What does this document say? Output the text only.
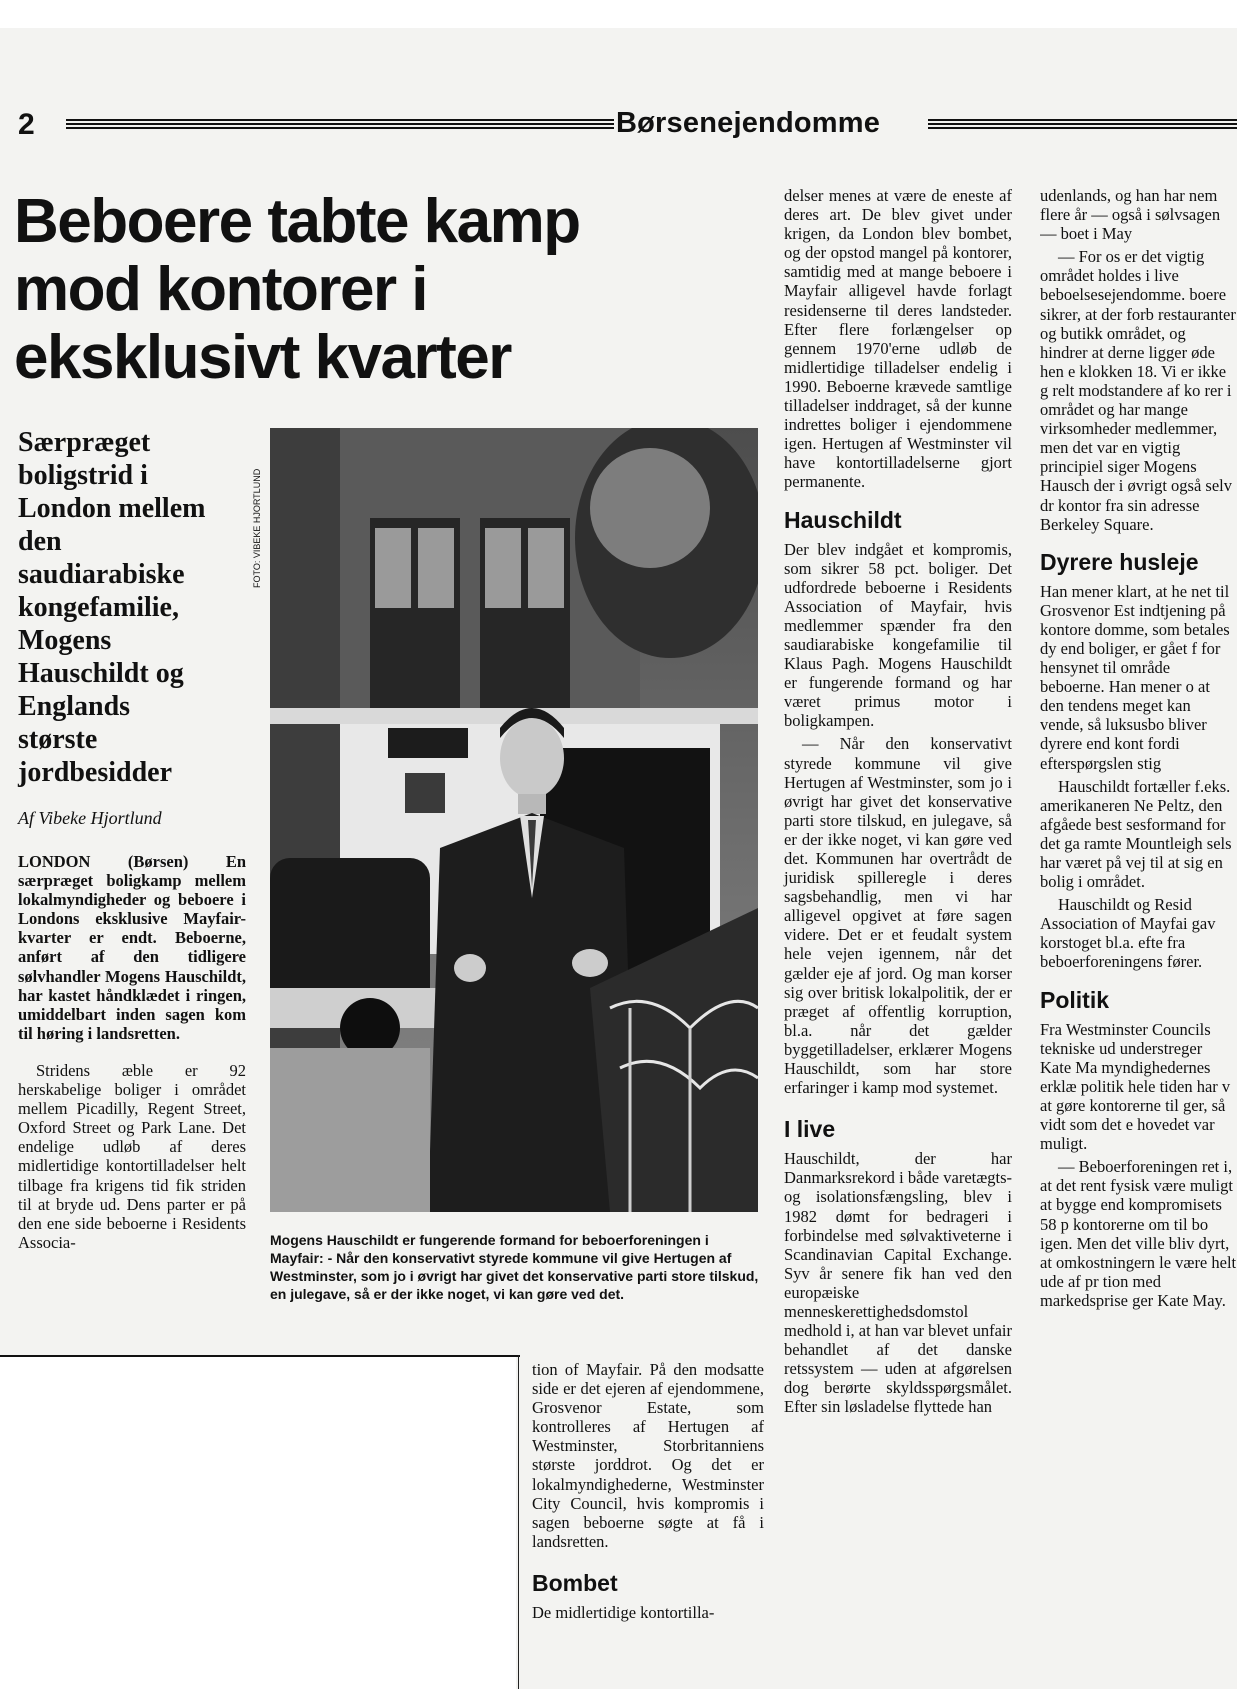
2	Børsenejendomme
Beboere tabte kamp
mod kontorer i
eksklusivt kvarter
Særpræget
boligstrid i
London mellem
den
saudiarabiske
kongefamilie,
Mogens
Hauschildt og
Englands
største
jordbesidder
Af Vibeke Hjortlund

LONDON (Børsen) En særpræget boligkamp mellem lokalmyndigheder og beboere i Londons eksklusive Mayfair-kvarter er endt. Beboerne, anført af den tidligere sølvhandler Mogens Hauschildt, har kastet håndklædet i ringen, umiddelbart inden sagen kom til høring i landsretten.

Stridens æble er 92 herskabelige boliger i området mellem Picadilly, Regent Street, Oxford Street og Park Lane. Det endelige udløb af deres midlertidige kontortilladelser helt tilbage fra krigens tid fik striden til at bryde ud. Dens parter er på den ene side beboerne i Residents Associa-

FOTO: VIBEKE HJORTLUND
Mogens Hauschildt er fungerende formand for beboerforeningen i Mayfair: - Når den konservativt styrede kommune vil give Hertugen af Westminster, som jo i øvrigt har givet det konservative parti store tilskud, en julegave, så er der ikke noget, vi kan gøre ved det.

delser menes at være de eneste af deres art. De blev givet under krigen, da London blev bombet, og der opstod mangel på kontorer, samtidig med at mange beboere i Mayfair alligevel havde forlagt residenserne til deres landsteder. Efter flere forlængelser op gennem 1970'erne udløb de midlertidige tilladelser endelig i 1990. Beboerne krævede samtlige tilladelser inddraget, så der kunne indrettes boliger i ejendommene igen. Hertugen af Westminster vil have kontortilladelserne gjort permanente.

Hauschildt

Der blev indgået et kompromis, som sikrer 58 pct. boliger. Det udfordrede beboerne i Residents Association of Mayfair, hvis medlemmer spænder fra den saudiarabiske kongefamilie til Klaus Pagh. Mogens Hauschildt er fungerende formand og har været primus motor i boligkampen.

— Når den konservativt styrede kommune vil give Hertugen af Westminster, som jo i øvrigt har givet det konservative parti store tilskud, en julegave, så er der ikke noget, vi kan gøre ved det. Kommunen har overtrådt de juridisk spilleregle i deres sagsbehandlig, men vi har alligevel opgivet at føre sagen videre. Det er et feudalt system hele vejen igennem, når det gælder eje af jord. Og man korser sig over britisk lokalpolitik, der er præget af offentlig korruption, bl.a. når det gælder byggetilladelser, erklærer Mogens Hauschildt, som har store erfaringer i kamp mod systemet.

I live

Hauschildt, der har Danmarksrekord i både varetægts- og isolationsfængsling, blev i 1982 dømt for bedrageri i forbindelse med sølvaktiveterne i Scandinavian Capital Exchange. Syv år senere fik han ved den europæiske menneskerettighedsdomstol medhold i, at han var blevet unfair behandlet af det danske retssystem — uden at afgørelsen dog berørte skyldsspørgsmålet. Efter sin løsladelse flyttede han

udenlands, og han har nem flere år — også i sølvsagen — boet i May

— For os er det vigtig området holdes i live beboelsesejendomme. boere sikrer, at der forb restauranter og butikk området, og hindrer at derne ligger øde hen e klokken 18. Vi er ikke g relt modstandere af ko rer i området og har mange virksomheder medlemmer, men det var en vigtig principiel siger Mogens Hausch der i øvrigt også selv dr kontor fra sin adresse Berkeley Square.

Dyrere husleje

Han mener klart, at he net til Grosvenor Est indtjening på kontore domme, som betales dy end boliger, er gået f for hensynet til område beboerne. Han mener o at den tendens meget kan vende, så luksusbo bliver dyrere end kont fordi efterspørgslen stig

Hauschildt fortæller f.eks. amerikaneren Ne Peltz, den afgåede best sesformand for det ga ramte Mountleigh sels har været på vej til at sig en bolig i området.

Hauschildt og Resid Association of Mayfai gav korstoget bl.a. efte fra beboerforeningens fører.

Politik

Fra Westminster Councils tekniske ud understreger Kate Ma myndighedernes erklæ politik hele tiden har v at gøre kontorerne til ger, så vidt som det e hovedet var muligt.

— Beboerforeningen ret i, at det rent fysisk være muligt at bygge end kompromisets 58 p kontorerne om til bo igen. Men det ville bliv dyrt, at omkostningern le være helt ude af pr tion med markedsprise ger Kate May.

tion of Mayfair. På den modsatte side er det ejeren af ejendommene, Grosvenor Estate, som kontrolleres af Hertugen af Westminster, Storbritanniens største jorddrot. Og det er lokalmyndighederne, Westminster City Council, hvis kompromis i sagen beboerne søgte at få i landsretten.

Bombet

De midlertidige kontortilla-
